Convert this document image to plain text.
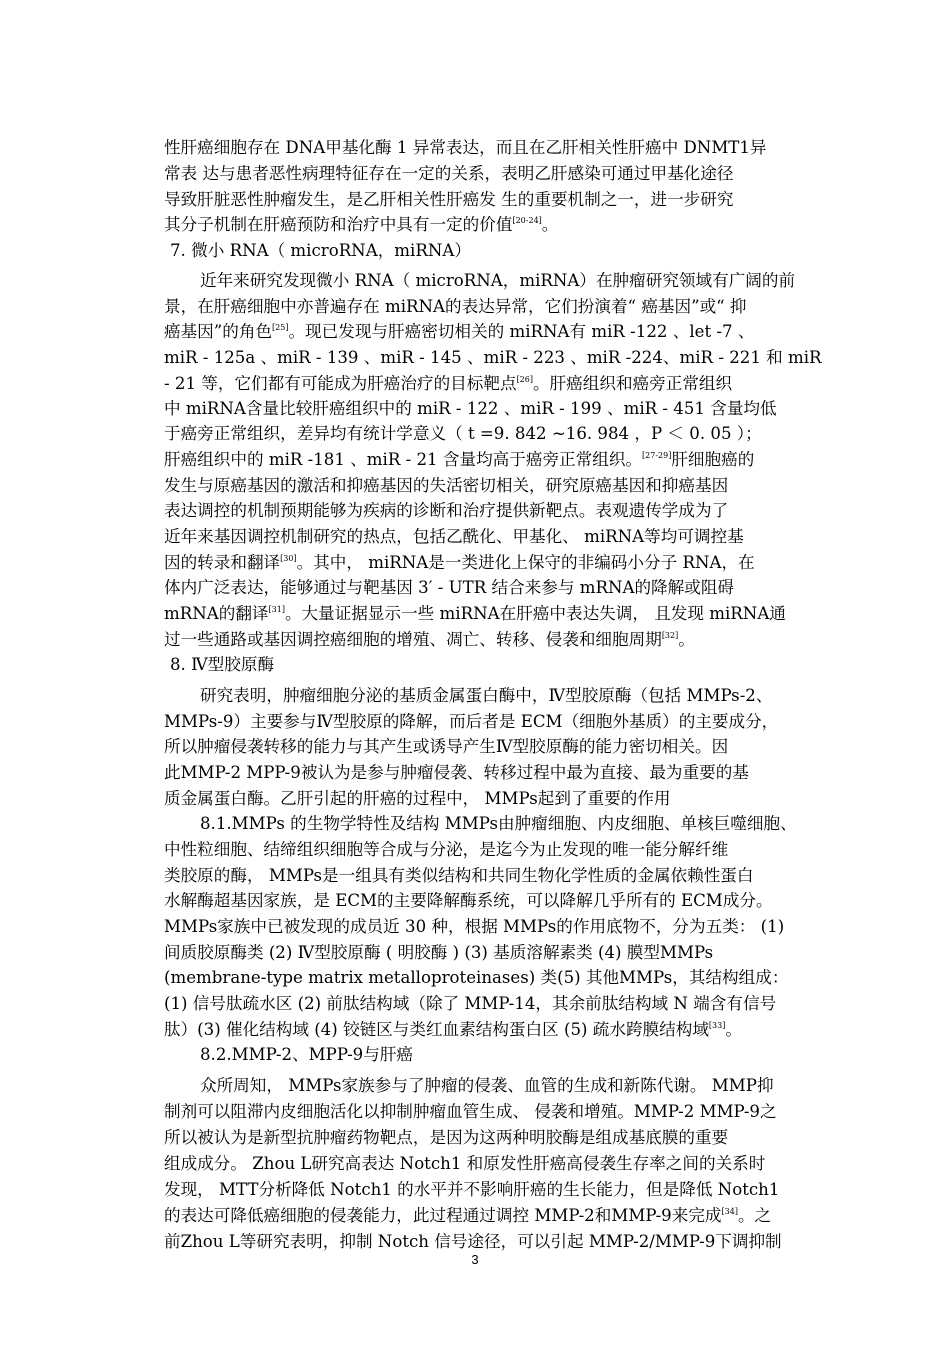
性肝癌细胞存在 DNA甲基化酶 1 异常表达，而且在乙肝相关性肝癌中 DNMT1异
常表 达与患者恶性病理特征存在一定的关系，表明乙肝感染可通过甲基化途径
导致肝脏恶性肿瘤发生，是乙肝相关性肝癌发 生的重要机制之一，进一步研究
其分子机制在肝癌预防和治疗中具有一定的价值[20-24]。
7. 微小 RNA（ microRNA，miRNA）
近年来研究发现微小 RNA（ microRNA，miRNA）在肿瘤研究领域有广阔的前
景，在肝癌细胞中亦普遍存在 miRNA的表达异常，它们扮演着“ 癌基因”或“ 抑
癌基因”的角色[25]。现已发现与肝癌密切相关的 miRNA有 miR -122 、let -7 、
miR - 125a 、miR - 139 、miR - 145 、miR - 223 、miR -224、miR - 221 和 miR
- 21 等，它们都有可能成为肝癌治疗的目标靶点[26]。肝癌组织和癌旁正常组织
中 miRNA含量比较肝癌组织中的 miR - 122 、miR - 199 、miR - 451 含量均低
于癌旁正常组织，差异均有统计学意义（ t =9. 842 ~16. 984 ，P ＜ 0. 05 ）；
肝癌组织中的 miR -181 、miR - 21 含量均高于癌旁正常组织。[27-29]肝细胞癌的
发生与原癌基因的激活和抑癌基因的失活密切相关，研究原癌基因和抑癌基因
表达调控的机制预期能够为疾病的诊断和治疗提供新靶点。表观遗传学成为了
近年来基因调控机制研究的热点，包括乙酰化、甲基化、 miRNA等均可调控基
因的转录和翻译[30]。其中， miRNA是一类进化上保守的非编码小分子 RNA，在
体内广泛表达，能够通过与靶基因 3′ - UTR 结合来参与 mRNA的降解或阻碍
mRNA的翻译[31]。大量证据显示一些 miRNA在肝癌中表达失调， 且发现 miRNA通
过一些通路或基因调控癌细胞的增殖、凋亡、转移、侵袭和细胞周期[32]。
8. Ⅳ型胶原酶
研究表明，肿瘤细胞分泌的基质金属蛋白酶中，Ⅳ型胶原酶（包括 MMPs-2、
MMPs-9）主要参与Ⅳ型胶原的降解，而后者是 ECM（细胞外基质）的主要成分，
所以肿瘤侵袭转移的能力与其产生或诱导产生Ⅳ型胶原酶的能力密切相关。因
此MMP-2 MPP-9被认为是参与肿瘤侵袭、转移过程中最为直接、最为重要的基
质金属蛋白酶。乙肝引起的肝癌的过程中， MMPs起到了重要的作用
8.1.MMPs 的生物学特性及结构 MMPs由肿瘤细胞、内皮细胞、单核巨噬细胞、
中性粒细胞、结缔组织细胞等合成与分泌，是迄今为止发现的唯一能分解纤维
类胶原的酶， MMPs是一组具有类似结构和共同生物化学性质的金属依赖性蛋白
水解酶超基因家族，是 ECM的主要降解酶系统，可以降解几乎所有的 ECM成分。
MMPs家族中已被发现的成员近 30 种，根据 MMPs的作用底物不，分为五类： (1)
间质胶原酶类 (2) Ⅳ型胶原酶 ( 明胶酶 ) (3) 基质溶解素类 (4) 膜型MMPs
(membrane-type matrix metalloproteinases) 类(5) 其他MMPs，其结构组成：
(1) 信号肽疏水区 (2) 前肽结构域（除了 MMP-14，其余前肽结构域 N 端含有信号
肽）(3) 催化结构域 (4) 铰链区与类红血素结构蛋白区 (5) 疏水跨膜结构域[33]。
8.2.MMP-2、MPP-9与肝癌
众所周知， MMPs家族参与了肿瘤的侵袭、血管的生成和新陈代谢。 MMP抑
制剂可以阻滞内皮细胞活化以抑制肿瘤血管生成、 侵袭和增殖。MMP-2 MMP-9之
所以被认为是新型抗肿瘤药物靶点，是因为这两种明胶酶是组成基底膜的重要
组成成分。 Zhou L研究高表达 Notch1 和原发性肝癌高侵袭生存率之间的关系时
发现， MTT分析降低 Notch1 的水平并不影响肝癌的生长能力，但是降低 Notch1
的表达可降低癌细胞的侵袭能力，此过程通过调控 MMP-2和MMP-9来完成[34]。之
前Zhou L等研究表明，抑制 Notch 信号途径，可以引起 MMP-2/MMP-9下调抑制
3
